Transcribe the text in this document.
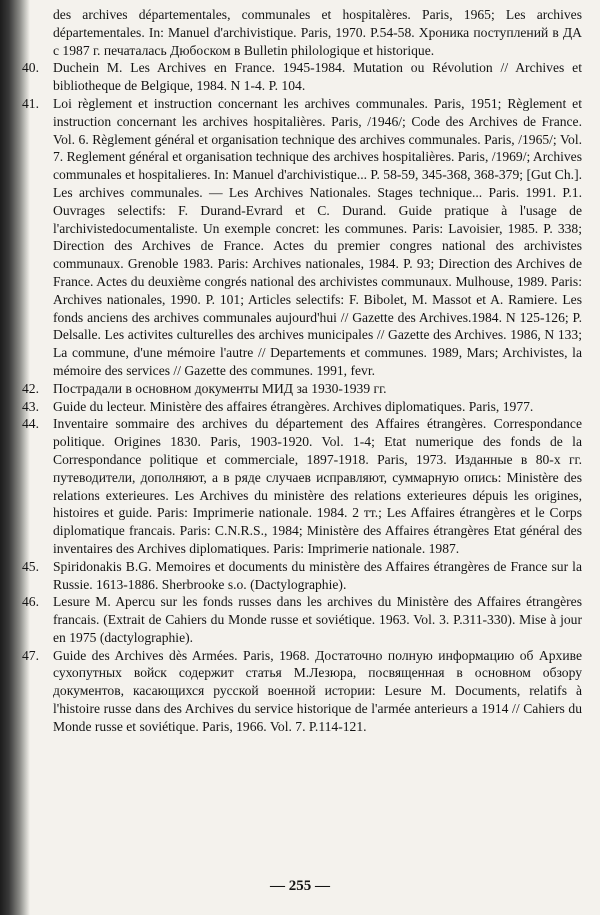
des archives départementales, communales et hospitalères. Paris, 1965; Les archives départementales. In: Manuel d'archivistique. Paris, 1970. P.54-58. Хроника поступлений в ДА с 1987 г. печаталась Дюбоском в Bulletin philologique et historique.
40.	Duchein M. Les Archives en France. 1945-1984. Mutation ou Révolution // Archives et bibliotheque de Belgique, 1984. N 1-4. P. 104.
41.	Loi règlement et instruction concernant les archives communales. Paris, 1951; Règlement et instruction concernant les archives hospitalières. Paris, /1946/; Code des Archives de France. Vol. 6. Règlement général et organisation technique des archives communales. Paris, /1965/; Vol. 7. Reglement général et organisation technique des archives hospitalières. Paris, /1969/; Archives communales et hospitalieres. In: Manuel d'archivistique... P. 58-59, 345-368, 368-379; [Gut Ch.]. Les archives communales. — Les Archives Nationales. Stages technique... Paris. 1991. P.1. Ouvrages selectifs: F. Durand-Evrard et C. Durand. Guide pratique à l'usage de l'archivistedocumentaliste. Un exemple concret: les communes. Paris: Lavoisier, 1985. P. 338; Direction des Archives de France. Actes du premier congres national des archivistes communaux. Grenoble 1983. Paris: Archives nationales, 1984. P. 93; Direction des Archives de France. Actes du deuxième congrés national des archivistes communaux. Mulhouse, 1989. Paris: Archives nationales, 1990. P. 101; Articles selectifs: F. Bibolet, M. Massot et A. Ramiere. Les fonds anciens des archives communales aujourd'hui // Gazette des Archives.1984. N 125-126; P. Delsalle. Les activites culturelles des archives municipales // Gazette des Archives. 1986, N 133; La commune, d'une mémoire l'autre // Departements et communes. 1989, Mars; Archivistes, la mémoire des services // Gazette des communes. 1991, fevr.
42.	Пострадали в основном документы МИД за 1930-1939 гг.
43.	Guide du lecteur. Ministère des affaires étrangères. Archives diplomatiques. Paris, 1977.
44.	Inventaire sommaire des archives du département des Affaires étrangères. Correspondance politique. Origines 1830. Paris, 1903-1920. Vol. 1-4; Etat numerique des fonds de la Correspondance politique et commerciale, 1897-1918. Paris, 1973. Изданные в 80-х гг. путеводители, дополняют, а в ряде случаев исправляют, суммарную опись: Ministère des relations exterieures. Les Archives du ministère des relations exterieures dépuis les origines, histoires et guide. Paris: Imprimerie nationale. 1984. 2 тт.; Les Affaires étrangères et le Corps diplomatique francais. Paris: C.N.R.S., 1984; Ministère des Affaires étrangères Etat général des inventaires des Archives diplomatiques. Paris: Imprimerie nationale. 1987.
45.	Spiridonakis B.G. Memoires et documents du ministère des Affaires étrangères de France sur la Russie. 1613-1886. Sherbrooke s.o. (Dactylographie).
46.	Lesure M. Apercu sur les fonds russes dans les archives du Ministère des Affaires étrangères francais. (Extrait de Cahiers du Monde russe et soviétique. 1963. Vol. 3. P.311-330). Mise à jour en 1975 (dactylographie).
47.	Guide des Archives dès Armées. Paris, 1968. Достаточно полную информацию об Архиве сухопутных войск содержит статья М.Лезюра, посвященная в основном обзору документов, касающихся русской военной истории: Lesure M. Documents, relatifs à l'histoire russe dans des Archives du service historique de l'armée anterieurs a 1914 // Cahiers du Monde russe et soviétique. Paris, 1966. Vol. 7. P.114-121.
— 255 —
